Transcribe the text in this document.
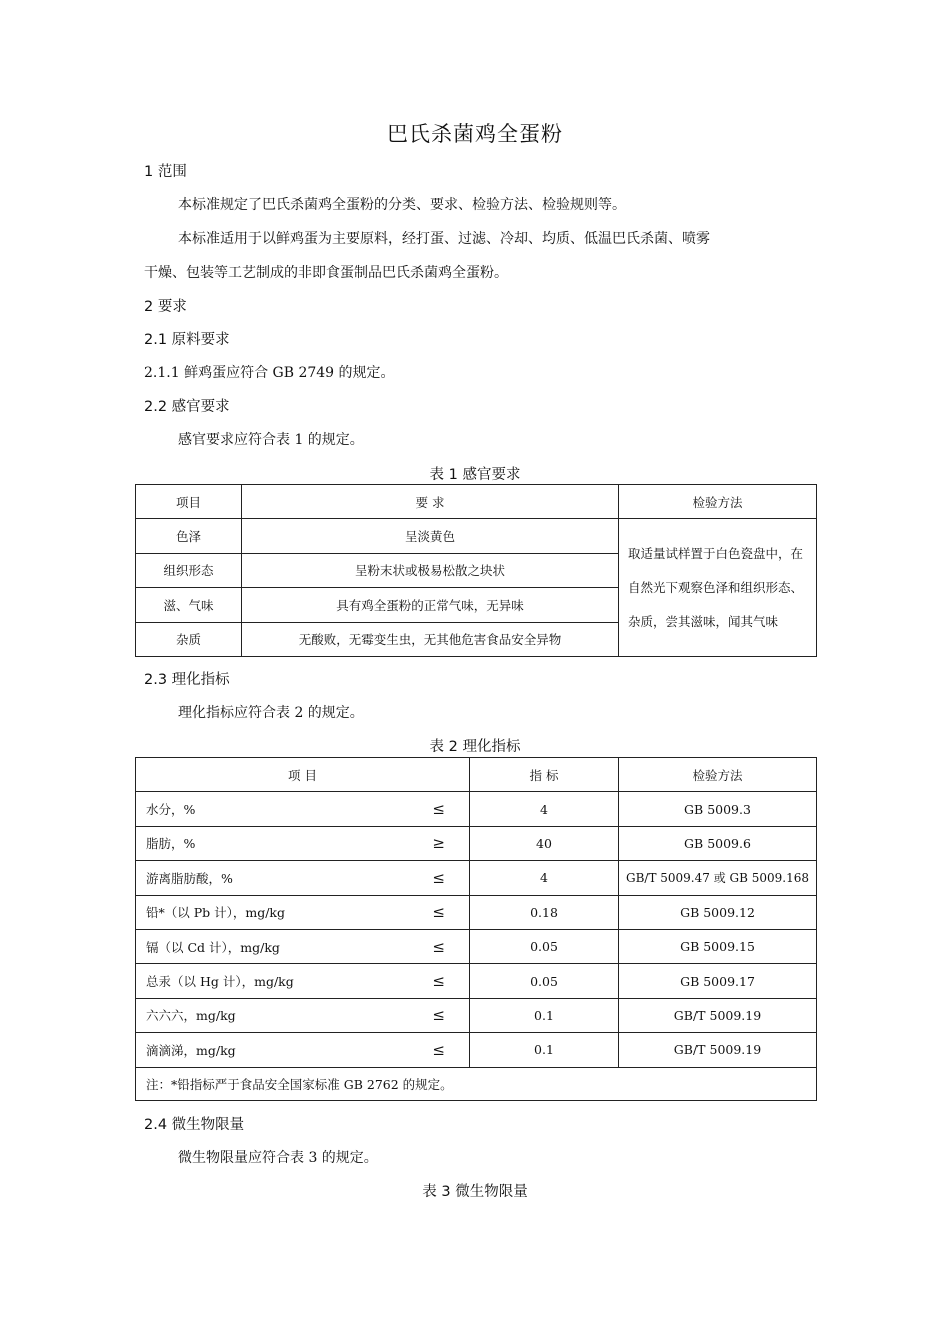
巴氏杀菌鸡全蛋粉
1 范围
本标准规定了巴氏杀菌鸡全蛋粉的分类、要求、检验方法、检验规则等。
本标准适用于以鲜鸡蛋为主要原料，经打蛋、过滤、冷却、均质、低温巴氏杀菌、喷雾
干燥、包装等工艺制成的非即食蛋制品巴氏杀菌鸡全蛋粉。
2 要求
2.1 原料要求
2.1.1 鲜鸡蛋应符合 GB 2749 的规定。
2.2 感官要求
感官要求应符合表 1 的规定。
表 1 感官要求
项目	要 求	检验方法
色泽	呈淡黄色	取适量试样置于白色瓷盘中，在自然光下观察色泽和组织形态、杂质，尝其滋味，闻其气味
组织形态	呈粉末状或极易松散之块状	
滋、气味	具有鸡全蛋粉的正常气味，无异味	
杂质	无酸败，无霉变生虫，无其他危害食品安全异物	
2.3 理化指标
理化指标应符合表 2 的规定。
表 2 理化指标
项 目	指 标	检验方法
水分，% ≤	4	GB 5009.3
脂肪，% ≥	40	GB 5009.6
游离脂肪酸，% ≤	4	GB/T 5009.47 或 GB 5009.168
铅*（以 Pb 计），mg/kg ≤	0.18	GB 5009.12
镉（以 Cd 计），mg/kg ≤	0.05	GB 5009.15
总汞（以 Hg 计），mg/kg ≤	0.05	GB 5009.17
六六六，mg/kg ≤	0.1	GB/T 5009.19
滴滴涕，mg/kg ≤	0.1	GB/T 5009.19
注：*铅指标严于食品安全国家标准 GB 2762 的规定。		
2.4 微生物限量
微生物限量应符合表 3 的规定。
表 3 微生物限量
